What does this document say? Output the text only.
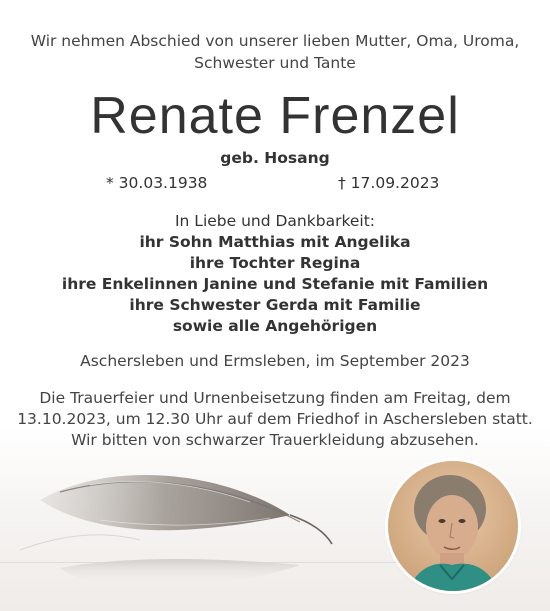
Wir nehmen Abschied von unserer lieben Mutter, Oma, Uroma,
Schwester und Tante
Renate Frenzel
geb. Hosang
* 30.03.1938	† 17.09.2023
In Liebe und Dankbarkeit:
ihr Sohn Matthias mit Angelika
ihre Tochter Regina
ihre Enkelinnen Janine und Stefanie mit Familien
ihre Schwester Gerda mit Familie
sowie alle Angehörigen
Aschersleben und Ermsleben, im September 2023
Die Trauerfeier und Urnenbeisetzung finden am Freitag, dem
13.10.2023, um 12.30 Uhr auf dem Friedhof in Aschersleben statt.
Wir bitten von schwarzer Trauerkleidung abzusehen.
